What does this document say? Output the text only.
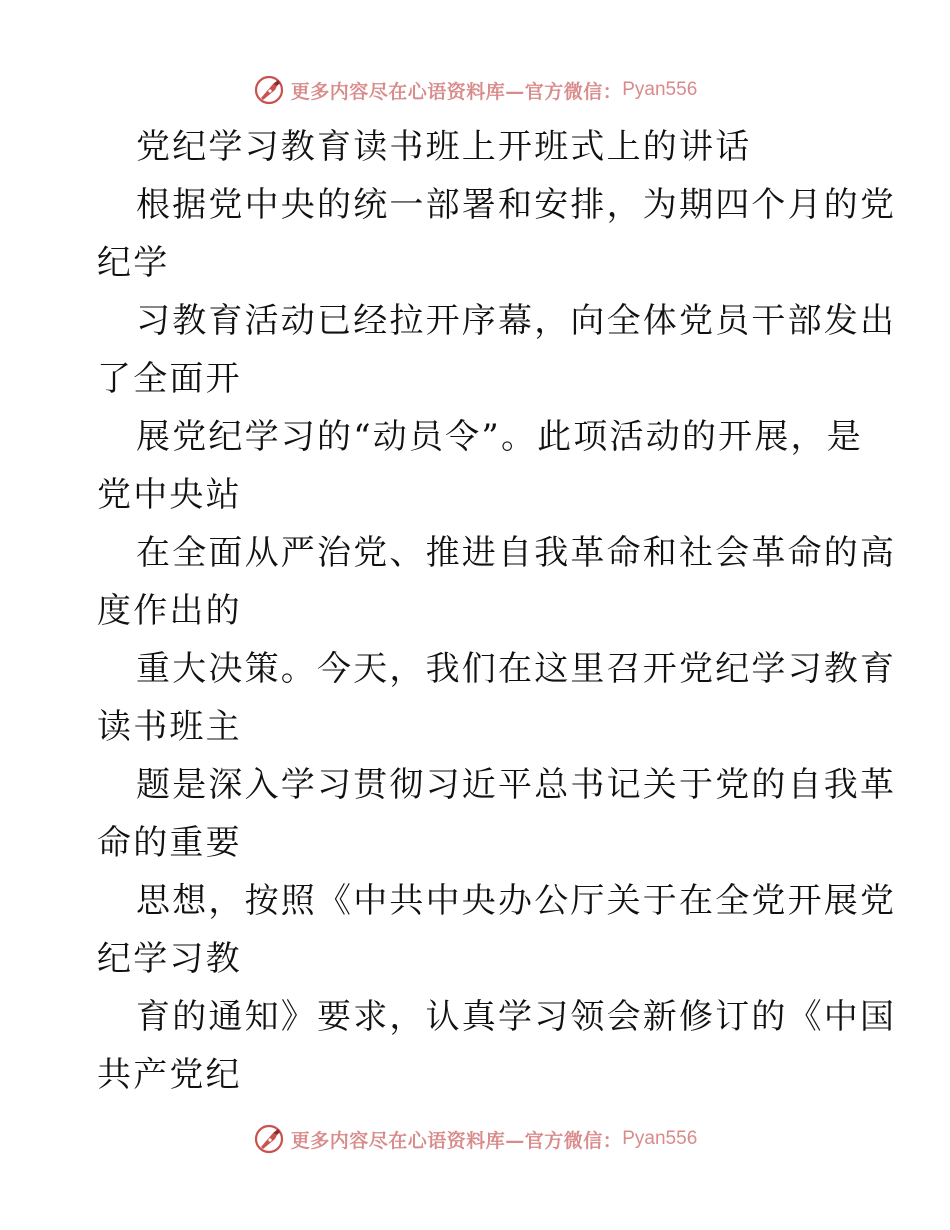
更多内容尽在心语资料库—官方微信： Pyan556
党纪学习教育读书班上开班式上的讲话
根据党中央的统一部署和安排，为期四个月的党
纪学
习教育活动已经拉开序幕，向全体党员干部发出
了全面开
展党纪学习的“动员令”。此项活动的开展，是
党中央站
在全面从严治党、推进自我革命和社会革命的高
度作出的
重大决策。今天，我们在这里召开党纪学习教育
读书班主
题是深入学习贯彻习近平总书记关于党的自我革
命的重要
思想，按照《中共中央办公厅关于在全党开展党
纪学习教
育的通知》要求，认真学习领会新修订的《中国
共产党纪
更多内容尽在心语资料库—官方微信： Pyan556
